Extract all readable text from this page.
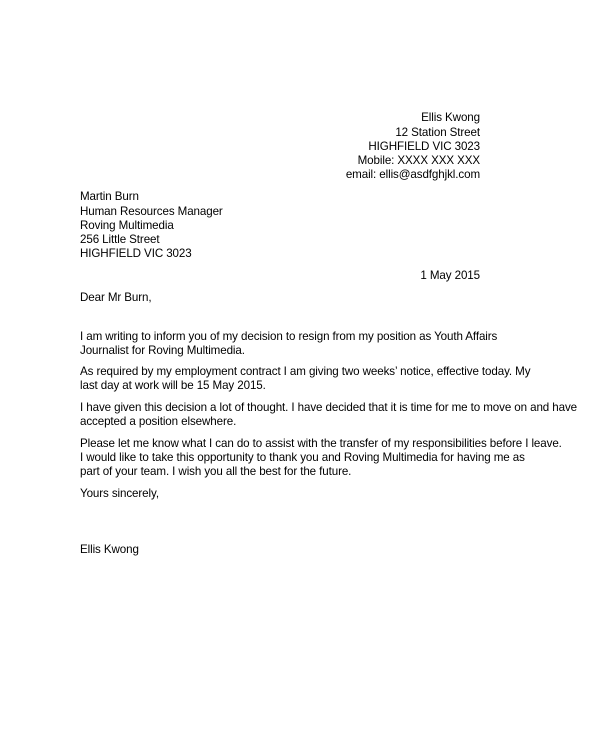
Ellis Kwong
12 Station Street
HIGHFIELD VIC 3023
Mobile: XXXX XXX XXX
email: ellis@asdfghjkl.com
Martin Burn
Human Resources Manager
Roving Multimedia
256 Little Street
HIGHFIELD VIC 3023
1 May 2015
Dear Mr Burn,
I am writing to inform you of my decision to resign from my position as Youth Affairs
Journalist for Roving Multimedia.
As required by my employment contract I am giving two weeks’ notice, effective today. My
last day at work will be 15 May 2015.
I have given this decision a lot of thought. I have decided that it is time for me to move on and have
accepted a position elsewhere.
Please let me know what I can do to assist with the transfer of my responsibilities before I leave.
I would like to take this opportunity to thank you and Roving Multimedia for having me as
part of your team. I wish you all the best for the future.
Yours sincerely,
Ellis Kwong
